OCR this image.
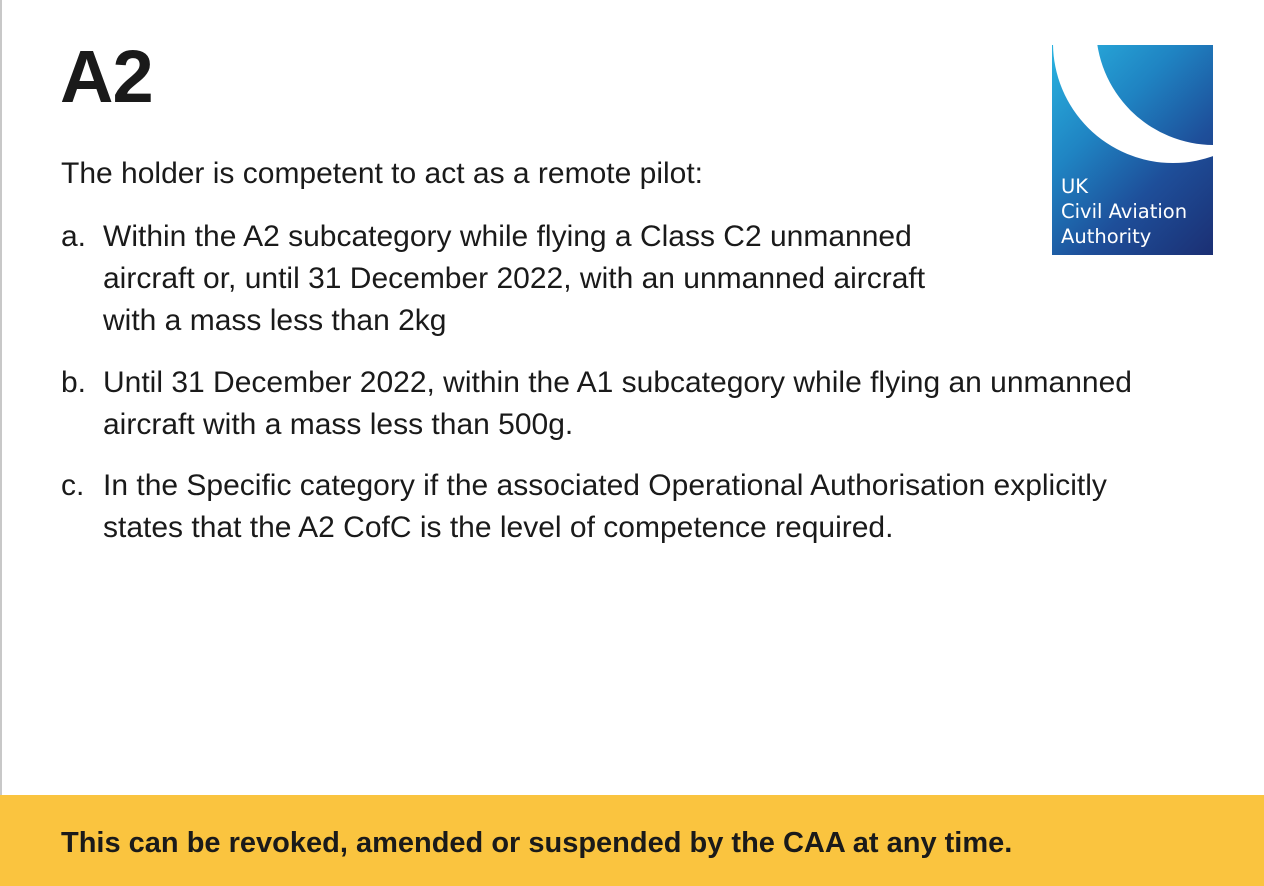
A2

The holder is competent to act as a remote pilot:

a. Within the A2 subcategory while flying a Class C2 unmanned aircraft or, until 31 December 2022, with an unmanned aircraft with a mass less than 2kg
b. Until 31 December 2022, within the A1 subcategory while flying an unmanned aircraft with a mass less than 500g.
c. In the Specific category if the associated Operational Authorisation explicitly states that the A2 CofC is the level of competence required.
UK
Civil Aviation
Authority

This can be revoked, amended or suspended by the CAA at any time.
